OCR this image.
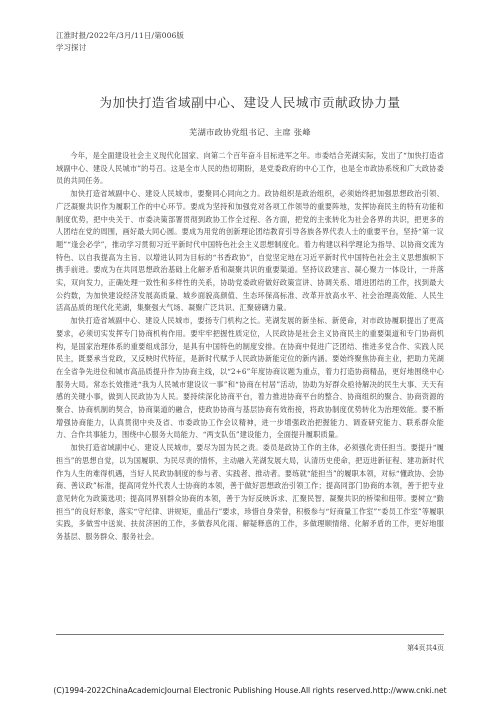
江淮时报/2022年/3月/11日/第006版
学习探讨
为加快打造省域副中心、建设人民城市贡献政协力量
芜湖市政协党组书记、主席 张峰

今年，是全面建设社会主义现代化国家、向第二个百年奋斗目标进军之年。市委结合芜湖实际，发出了“加快打造省域副中心、建设人民城市”的号召。这是全市人民的热切期盼，是党委政府的中心工作，也是全市政协系统和广大政协委员的共同任务。

加快打造省域副中心、建设人民城市，要聚同心同向之力。政协组织是政治组织，必须始终把加强思想政治引领、广泛凝聚共识作为履职工作的中心环节。要成为坚持和加强党对各项工作领导的重要阵地，发挥协商民主的特有功能和制度优势，把中央关于、市委决策部署贯彻到政协工作全过程、各方面，把党的主张转化为社会各界的共识，把更多的人团结在党的周围，画好最大同心圆。要成为用党的创新理论团结教育引导各族各界代表人士的重要平台，坚持“第一议题”“逢会必学”，推动学习贯彻习近平新时代中国特色社会主义思想制度化。着力构建以科学理论为指导、以协商交流为特色、以自我提高为主旨、以增进认同为目标的“书香政协”，自觉坚定地在习近平新时代中国特色社会主义思想旗帜下携手前进。要成为在共同思想政治基础上化解矛盾和凝聚共识的重要渠道。坚持议政建言、凝心聚力一体设计，一并落实，双向发力，正确处理一致性和多样性的关系，协助党委政府做好政策宣讲、协调关系、增进团结的工作，找到最大公约数，为加快建设经济发展高质量、城乡面貌高颜值、生态环保高标准、改革开放高水平、社会治理高效能、人民生活高品质的现代化芜湖，集聚强大气场、凝聚广泛共识、汇聚磅礴力量。

加快打造省域副中心、建设人民城市，要扬专门机构之长。芜湖发展的新坐标、新使命，对市政协履职提出了更高要求，必须切实发挥专门协商机构作用。要牢牢把握性质定位，人民政协是社会主义协商民主的重要渠道和专门协商机构，是国家治理体系的重要组成部分，是具有中国特色的制度安排。在协商中促进广泛团结、推进多党合作、实践人民民主，既要承当党政，又反映时代特征，是新时代赋予人民政协新能定位的新内涵。要始终聚焦协商主业，把助力芜湖在全省争先进位和城市高品质提升作为协商主线，以“2+6”年度协商议题为重点，着力打造协商精品，更好地围绕中心服务大局。常态长效推进“我为人民城市建设议一事”和“协商在村居”活动，协助为好群众亟待解决的民生大事、天天有感的关键小事，做到人民政协为人民。要持续深化协商平台，着力推进协商平台的整合、协商组织的聚合、协商资源的聚合、协商机制的契合，协商渠道的融合，使政协协商与基层协商有效衔接，将政协制度优势转化为治理效能。要不断增强协商能力，认真贯彻中央及省、市委政协工作会议精神，进一步增强政治把握能力、调查研究能力、联系群众能力、合作共事能力，围绕中心服务大局能力、“两支队伍”建设能力，全面提升履职质量。

加快打造省域副中心、建设人民城市，要尽为国为民之责。委员是政协工作的主体，必须强化责任担当。要提升“履担当”的思想自觉，以为国履职、为民尽责的情怀，主动融入芜湖发展大局，认清历史使命，把迈进新征程、建功新时代作为人生的难得机遇，当好人民政协制度的参与者、实践者、推动者。要练就“能担当”的履职本领，对标“懂政协、会协商、善议政”标准，提高同党外代表人士协商的本领，善于做好思想政治引领工作；提高同部门协商的本领，善于把专业意见转化为政策选项；提高同界别群众协商的本领，善于为好反映诉求、汇聚民智、凝聚共识的桥梁和纽带。要树立“勤担当”的良好形象，落实“守纪律、讲规矩，重品行”要求，珍惜自身荣誉，积极参与“好商量工作室”“委员工作室”等履职实践，多做雪中送炭、扶贫济困的工作，多做春风化雨、解疑释惑的工作，多做理顺情绪、化解矛盾的工作，更好地服务基层、服务群众、服务社会。

第4页共4页
(C)1994-2022ChinaAcademicJournal Electronic Publishing House.All rights reserved.http://www.cnki.net
